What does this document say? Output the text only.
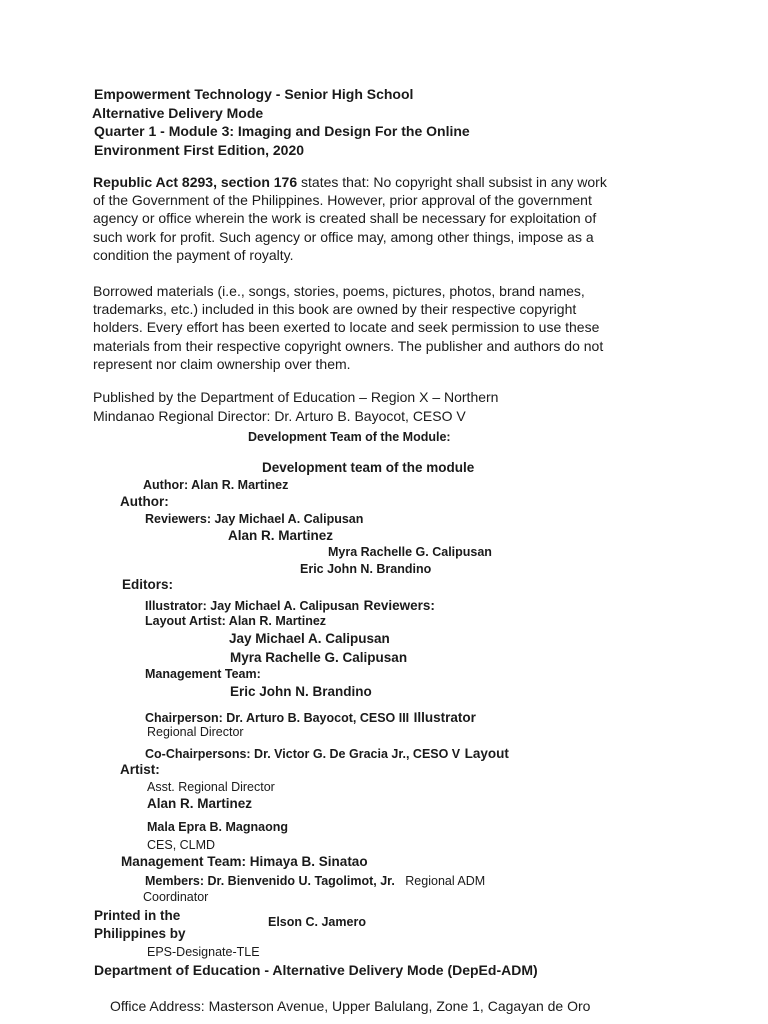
Empowerment Technology - Senior High School
Alternative Delivery Mode
Quarter 1 - Module 3: Imaging and Design For the Online
Environment First Edition, 2020
Republic Act 8293, section 176 states that: No copyright shall subsist in any work
of the Government of the Philippines. However, prior approval of the government
agency or office wherein the work is created shall be necessary for exploitation of
such work for profit. Such agency or office may, among other things, impose as a
condition the payment of royalty.
Borrowed materials (i.e., songs, stories, poems, pictures, photos, brand names,
trademarks, etc.) included in this book are owned by their respective copyright
holders. Every effort has been exerted to locate and seek permission to use these
materials from their respective copyright owners. The publisher and authors do not
represent nor claim ownership over them.
Published by the Department of Education – Region X – Northern
Mindanao Regional Director: Dr. Arturo B. Bayocot, CESO V
Development Team of the Module:
Development team of the module
Author: Alan R. Martinez
Author:
Reviewers: Jay Michael A. Calipusan
Alan R. Martinez
Myra Rachelle G. Calipusan
Eric John N. Brandino
Editors:
Illustrator: Jay Michael A. Calipusan Reviewers:
Layout Artist: Alan R. Martinez
Jay Michael A. Calipusan
Myra Rachelle G. Calipusan
Management Team:
Eric John N. Brandino
Chairperson: Dr. Arturo B. Bayocot, CESO III Illustrator
Regional Director
Co-Chairpersons: Dr. Victor G. De Gracia Jr., CESO V Layout
Artist:
Asst. Regional Director
Alan R. Martinez
Mala Epra B. Magnaong
CES, CLMD
Management Team: Himaya B. Sinatao
Members: Dr. Bienvenido U. Tagolimot, Jr. Regional ADM
Coordinator
Printed in the
Philippines by
Elson C. Jamero
EPS-Designate-TLE
Department of Education - Alternative Delivery Mode (DepEd-ADM)
Office Address: Masterson Avenue, Upper Balulang, Zone 1, Cagayan de Oro
